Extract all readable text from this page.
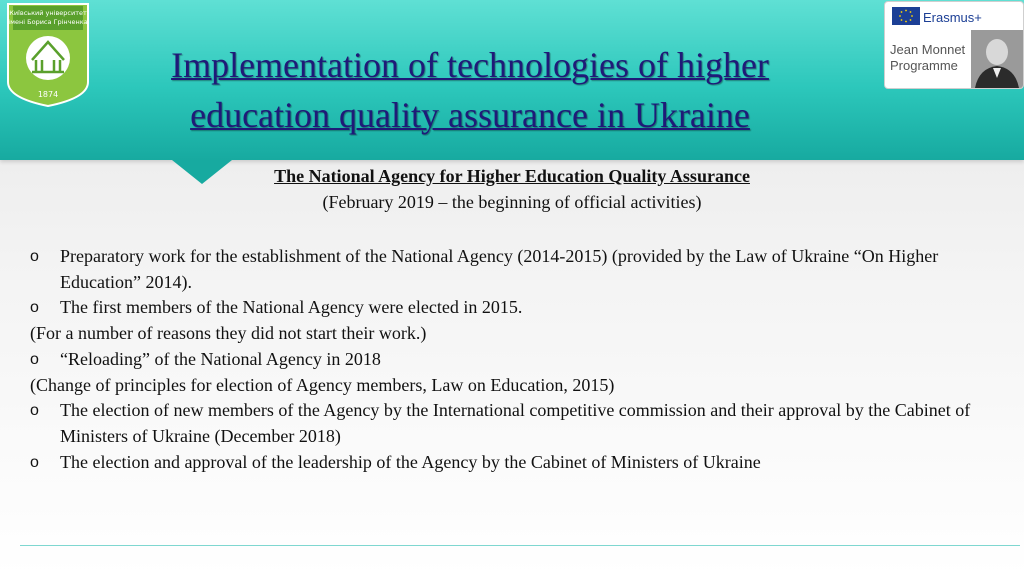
Київський університет
імені Бориса Грінченка
1874
Implementation of technologies of higher education quality assurance in Ukraine
Erasmus+
Jean Monnet
Programme
The National Agency for Higher Education Quality Assurance
(February 2019 – the beginning of official activities)
o Preparatory work for the establishment of the National Agency (2014-2015) (provided by the Law of Ukraine “On Higher Education” 2014).
o The first members of the National Agency were elected in 2015.
(For a number of reasons they did not start their work.)
o “Reloading” of the National Agency in 2018
(Change of principles for election of Agency members, Law on Education, 2015)
o The election of new members of the Agency by the International competitive commission and their approval by the Cabinet of Ministers of Ukraine (December 2018)
o The election and approval of the leadership of the Agency by the Cabinet of Ministers of Ukraine
